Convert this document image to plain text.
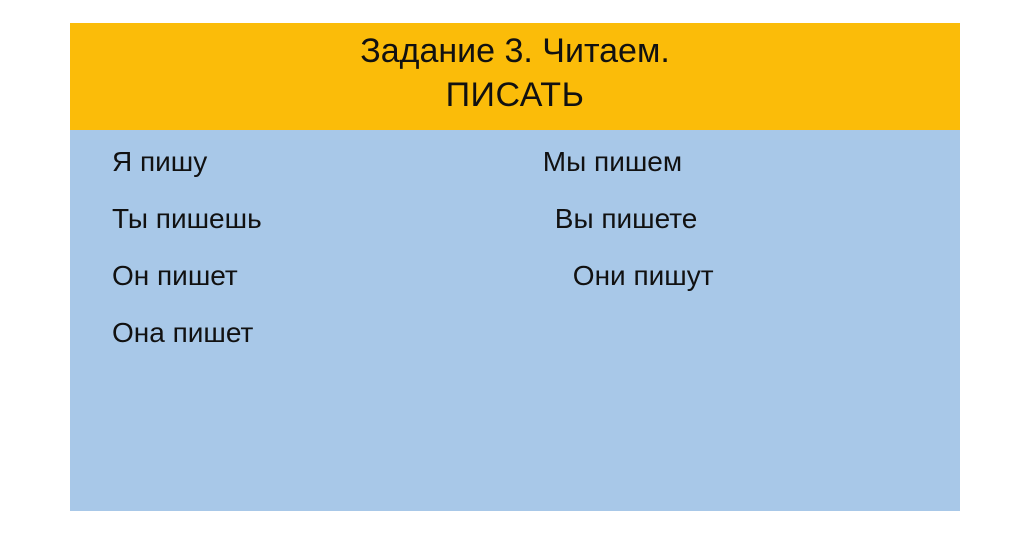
Задание 3. Читаем.
ПИСАТЬ
Я пишу
Ты пишешь
Он пишет
Она пишет
Мы пишем
Вы пишете
Они пишут
